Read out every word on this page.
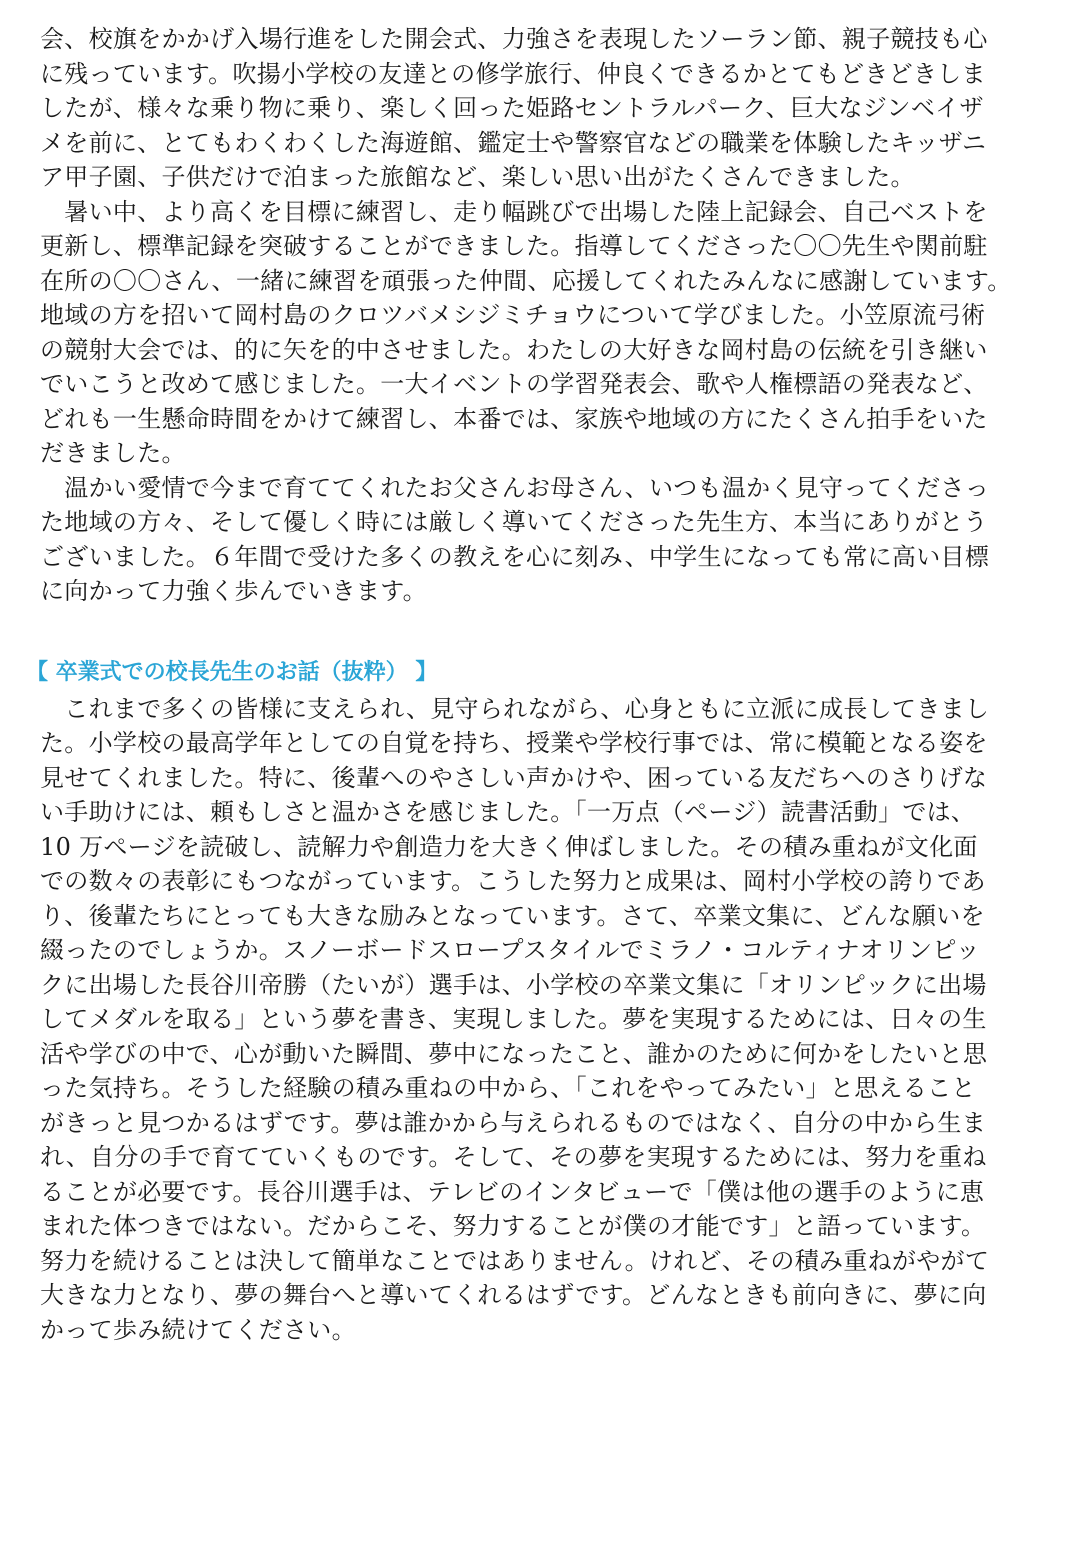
会、校旗をかかげ入場行進をした開会式、力強さを表現したソーラン節、親子競技も心
に残っています。吹揚小学校の友達との修学旅行、仲良くできるかとてもどきどきしま
したが、様々な乗り物に乗り、楽しく回った姫路セントラルパーク、巨大なジンベイザ
メを前に、とてもわくわくした海遊館、鑑定士や警察官などの職業を体験したキッザニ
ア甲子園、子供だけで泊まった旅館など、楽しい思い出がたくさんできました。
　暑い中、より高くを目標に練習し、走り幅跳びで出場した陸上記録会、自己ベストを
更新し、標準記録を突破することができました。指導してくださった〇〇先生や関前駐
在所の〇〇さん、一緒に練習を頑張った仲間、応援してくれたみんなに感謝しています。
地域の方を招いて岡村島のクロツバメシジミチョウについて学びました。小笠原流弓術
の競射大会では、的に矢を的中させました。わたしの大好きな岡村島の伝統を引き継い
でいこうと改めて感じました。一大イベントの学習発表会、歌や人権標語の発表など、
どれも一生懸命時間をかけて練習し、本番では、家族や地域の方にたくさん拍手をいた
だきました。
　温かい愛情で今まで育ててくれたお父さんお母さん、いつも温かく見守ってくださっ
た地域の方々、そして優しく時には厳しく導いてくださった先生方、本当にありがとう
ございました。６年間で受けた多くの教えを心に刻み、中学生になっても常に高い目標
に向かって力強く歩んでいきます。
【 卒業式での校長先生のお話（抜粋） 】
　これまで多くの皆様に支えられ、見守られながら、心身ともに立派に成長してきまし
た。小学校の最高学年としての自覚を持ち、授業や学校行事では、常に模範となる姿を
見せてくれました。特に、後輩へのやさしい声かけや、困っている友だちへのさりげな
い手助けには、頼もしさと温かさを感じました。「一万点（ページ）読書活動」では、
10 万ページを読破し、読解力や創造力を大きく伸ばしました。その積み重ねが文化面
での数々の表彰にもつながっています。こうした努力と成果は、岡村小学校の誇りであ
り、後輩たちにとっても大きな励みとなっています。さて、卒業文集に、どんな願いを
綴ったのでしょうか。スノーボードスロープスタイルでミラノ・コルティナオリンピッ
クに出場した長谷川帝勝（たいが）選手は、小学校の卒業文集に「オリンピックに出場
してメダルを取る」という夢を書き、実現しました。夢を実現するためには、日々の生
活や学びの中で、心が動いた瞬間、夢中になったこと、誰かのために何かをしたいと思
った気持ち。そうした経験の積み重ねの中から、「これをやってみたい」と思えること
がきっと見つかるはずです。夢は誰かから与えられるものではなく、自分の中から生ま
れ、自分の手で育てていくものです。そして、その夢を実現するためには、努力を重ね
ることが必要です。長谷川選手は、テレビのインタビューで「僕は他の選手のように恵
まれた体つきではない。だからこそ、努力することが僕の才能です」と語っています。
努力を続けることは決して簡単なことではありません。けれど、その積み重ねがやがて
大きな力となり、夢の舞台へと導いてくれるはずです。どんなときも前向きに、夢に向
かって歩み続けてください。
